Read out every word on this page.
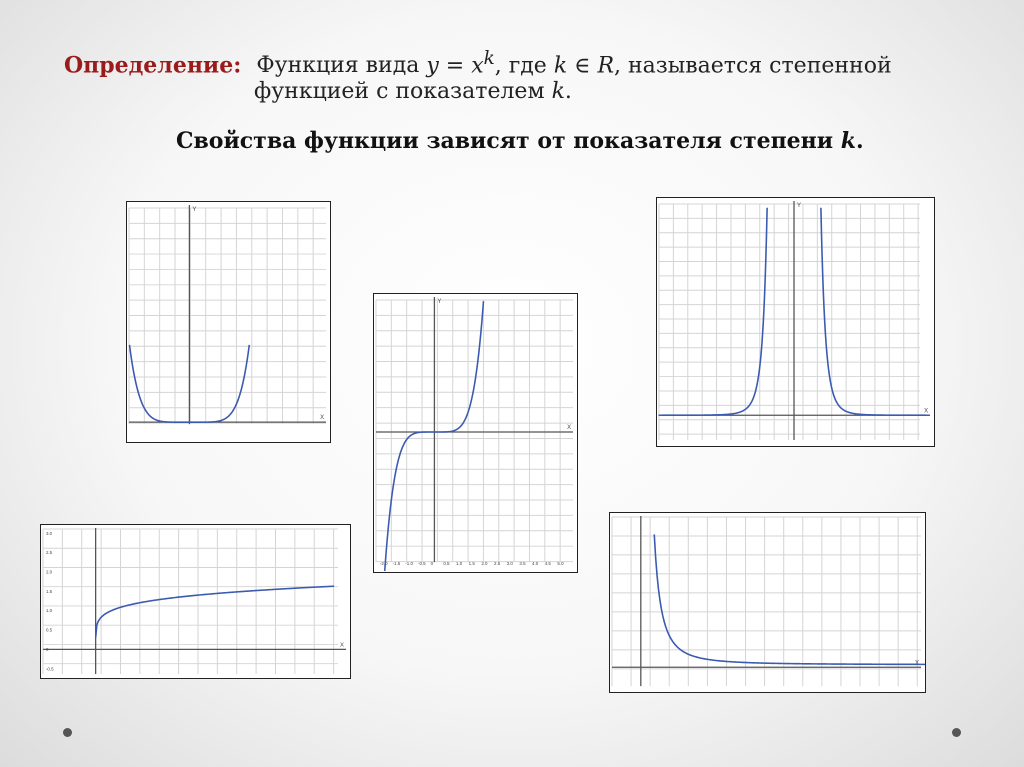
Определение: Функция вида $y = x^k$, где k ∈ R, называется степенной
функцией с показателем k.
Свойства функции зависят от показателя степени k.
X
Y
X
Y
-2.0 -1.5 -1.0 -0.5 0 0.5 1.0 1.5 2.0 2.5 3.0 3.5 4.0 4.5 5.0
X
Y
X
3.0
2.5
2.0
1.5
1.0
0.5
0
-0.5
X
